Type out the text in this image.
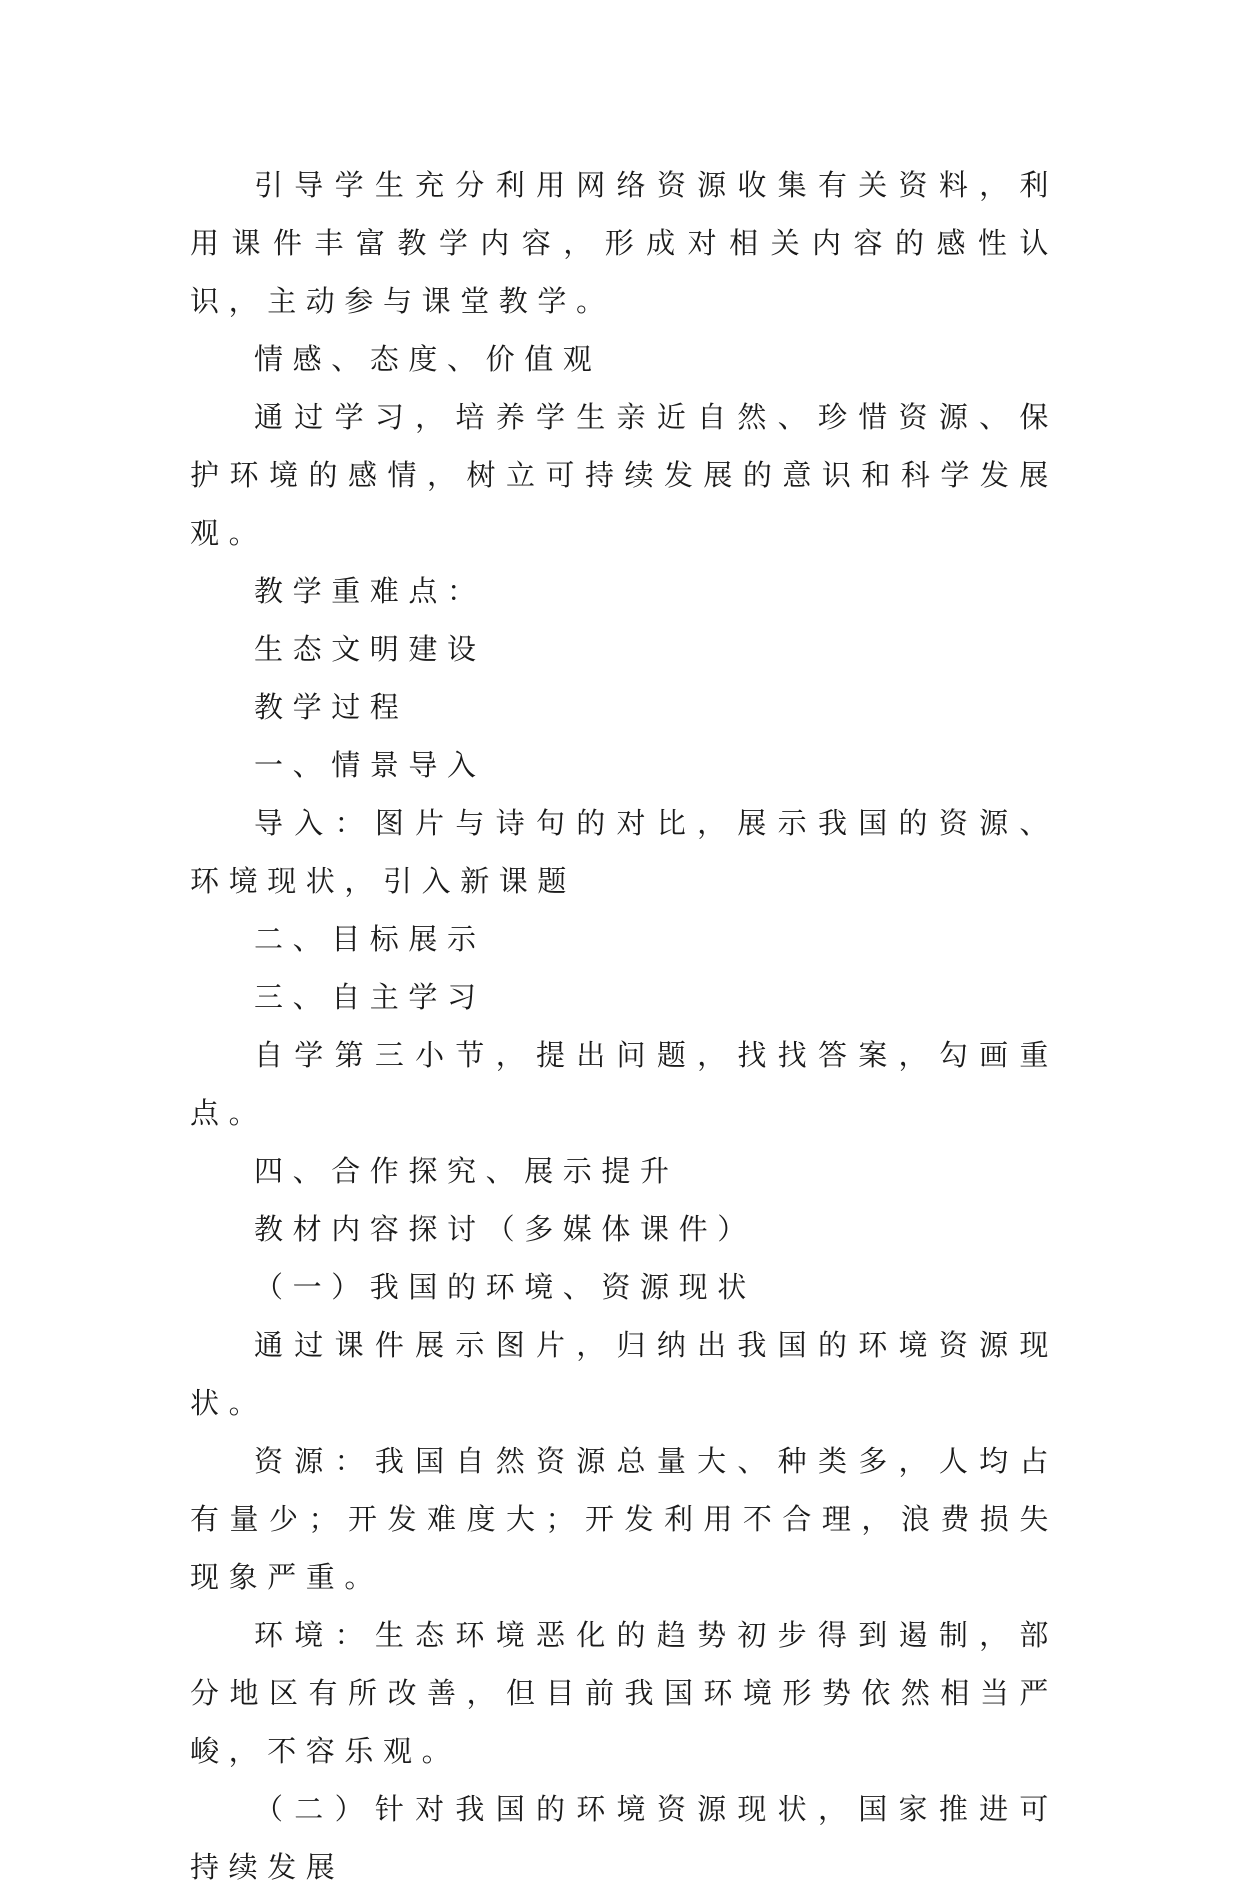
引导学生充分利用网络资源收集有关资料，利用课件丰富教学内容，形成对相关内容的感性认识，主动参与课堂教学。

情感、态度、价值观

通过学习，培养学生亲近自然、珍惜资源、保护环境的感情，树立可持续发展的意识和科学发展观。

教学重难点：

生态文明建设

教学过程

一、情景导入

导入：图片与诗句的对比，展示我国的资源、环境现状，引入新课题

二、目标展示

三、自主学习

自学第三小节，提出问题，找找答案，勾画重点。

四、合作探究、展示提升

教材内容探讨（多媒体课件）

（一）我国的环境、资源现状

通过课件展示图片，归纳出我国的环境资源现状。

资源：我国自然资源总量大、种类多，人均占有量少；开发难度大；开发利用不合理，浪费损失现象严重。

环境：生态环境恶化的趋势初步得到遏制，部分地区有所改善，但目前我国环境形势依然相当严峻，不容乐观。

（二）针对我国的环境资源现状，国家推进可持续发展
